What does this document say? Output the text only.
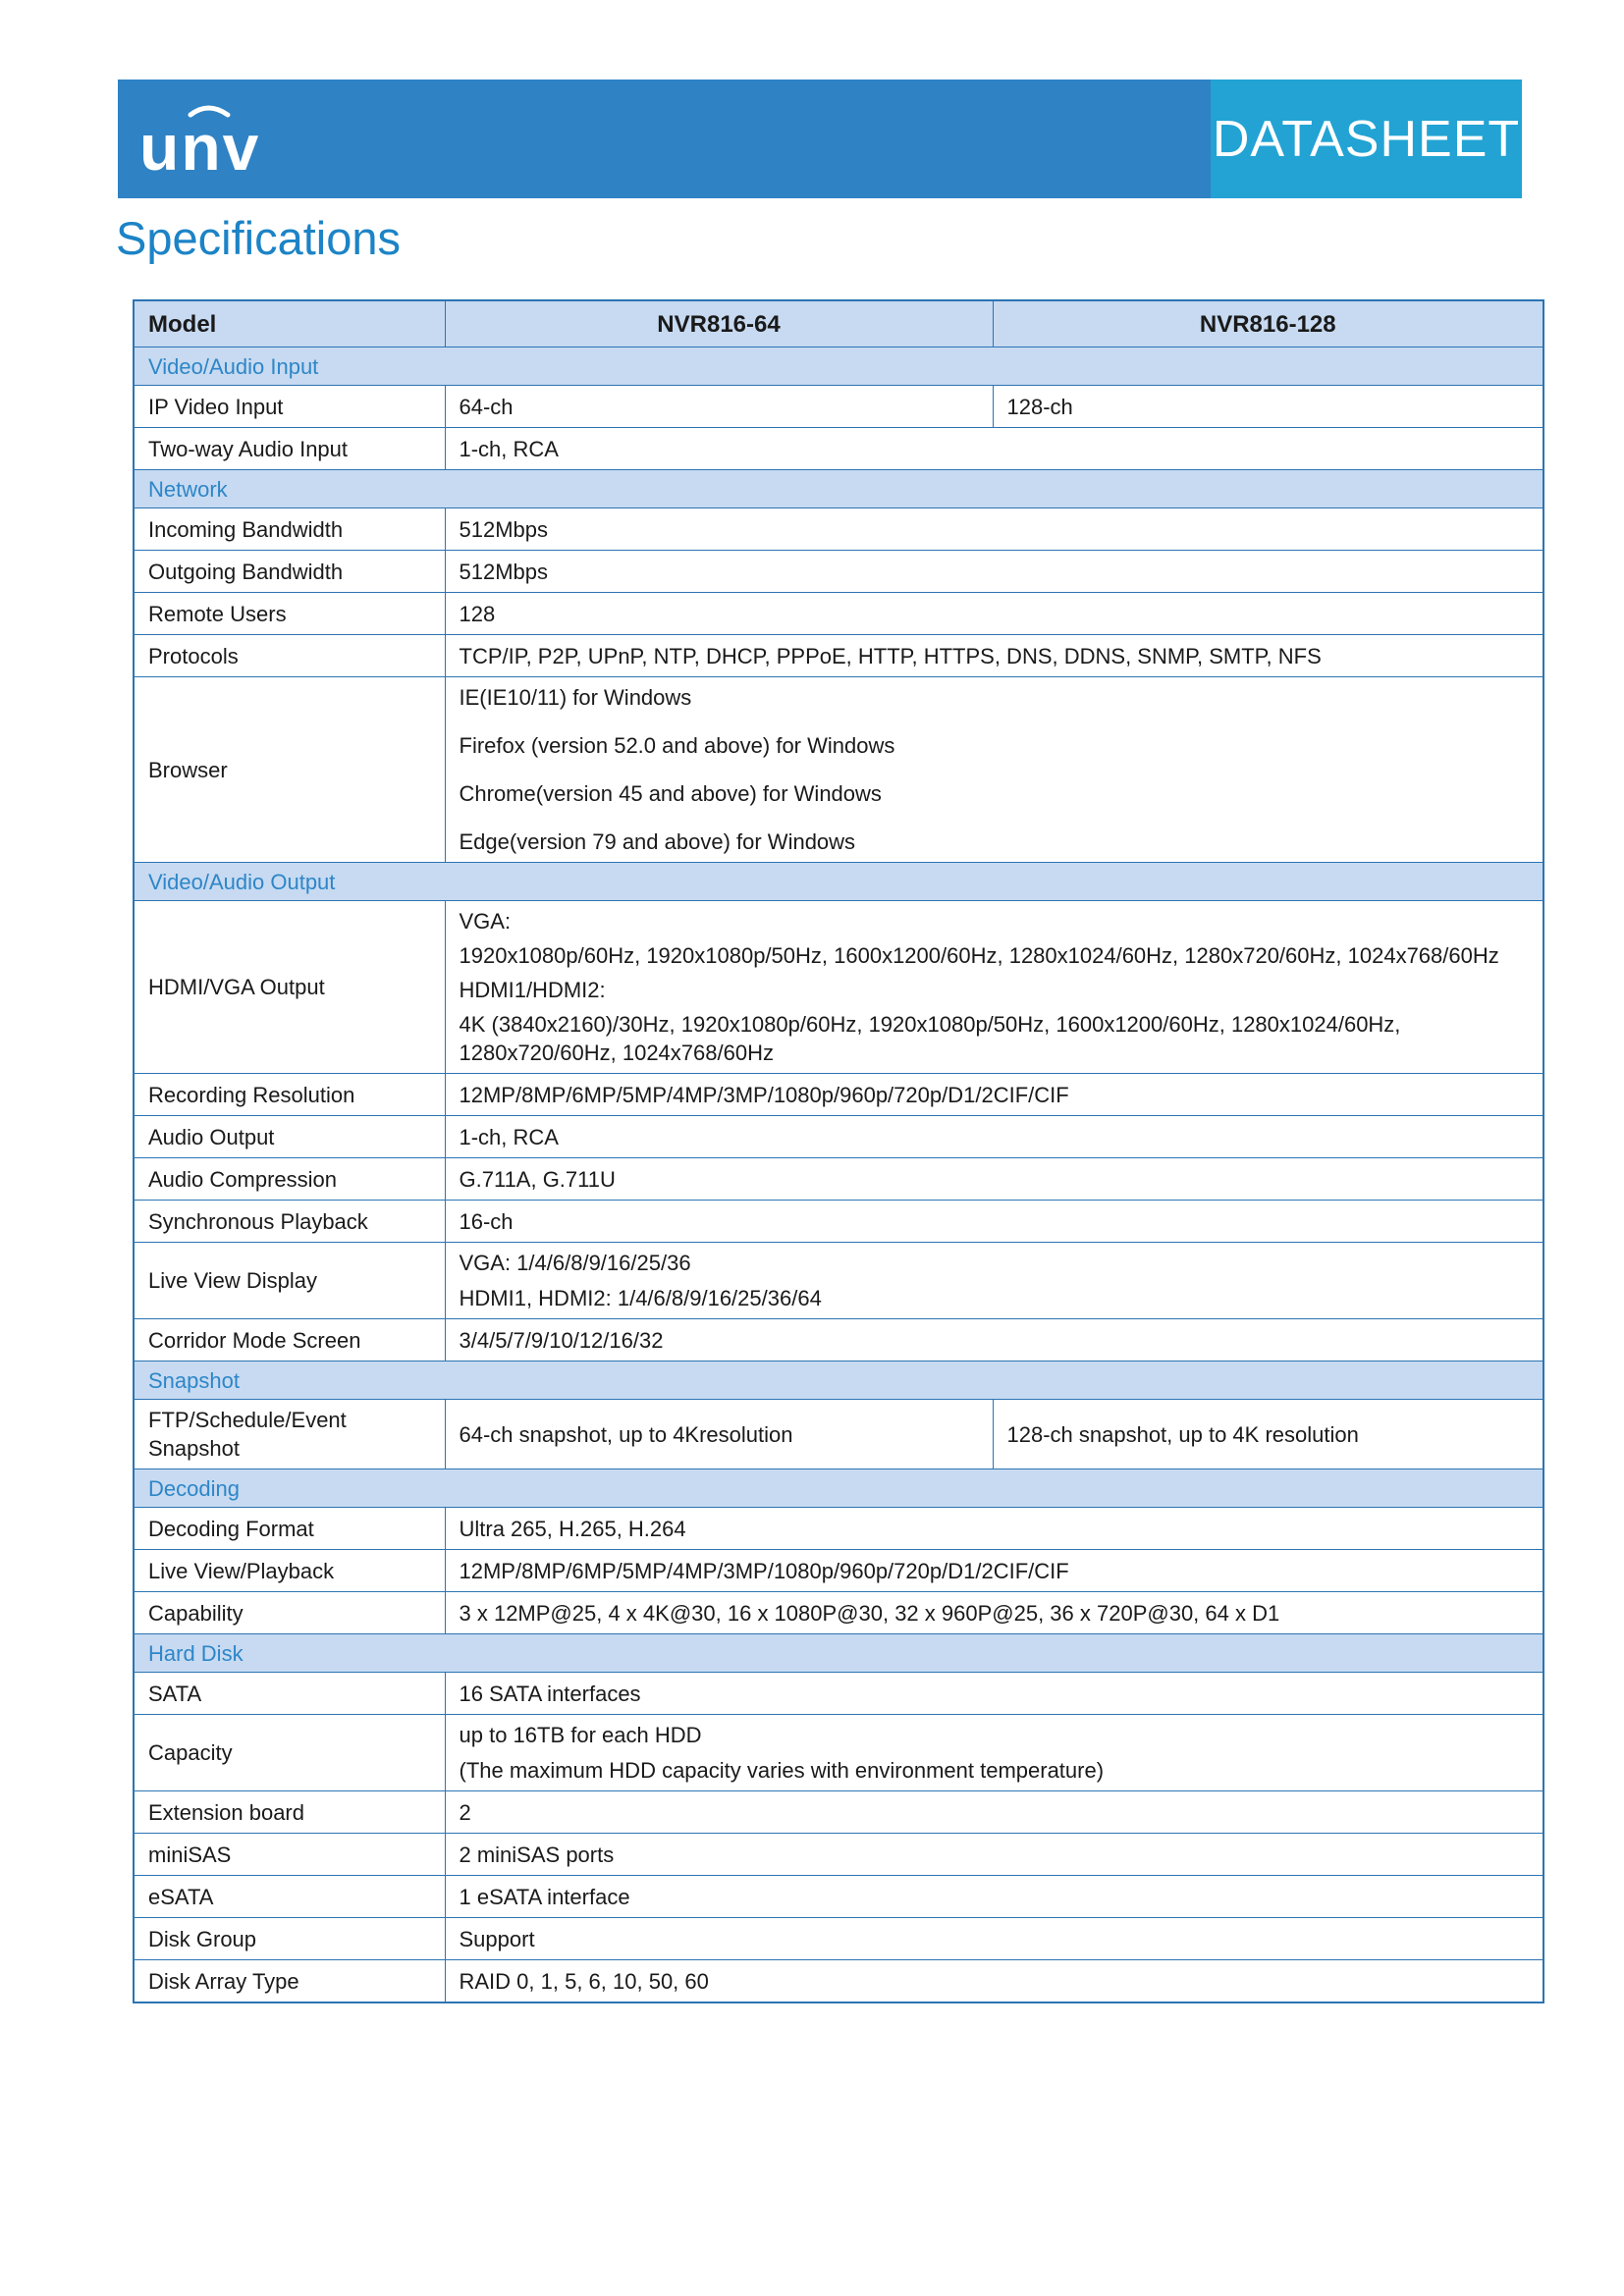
unv	DATASHEET
Specifications
Model	NVR816-64	NVR816-128
Video/Audio Input		
IP Video Input	64-ch	128-ch
Two-way Audio Input	1-ch, RCA	
Network		
Incoming Bandwidth	512Mbps	
Outgoing Bandwidth	512Mbps	
Remote Users	128	
Protocols	TCP/IP, P2P, UPnP, NTP, DHCP, PPPoE, HTTP, HTTPS, DNS, DDNS, SNMP, SMTP, NFS	
Browser	IE(IE10/11) for Windows
Firefox (version 52.0 and above) for Windows
Chrome(version 45 and above) for Windows
Edge(version 79 and above) for Windows	

Video/Audio Output		
HDMI/VGA Output	VGA:
1920x1080p/60Hz, 1920x1080p/50Hz, 1600x1200/60Hz, 1280x1024/60Hz, 1280x720/60Hz, 1024x768/60Hz
HDMI1/HDMI2:
4K (3840x2160)/30Hz, 1920x1080p/60Hz, 1920x1080p/50Hz, 1600x1200/60Hz, 1280x1024/60Hz, 1280x720/60Hz, 1024x768/60Hz	

Recording Resolution	12MP/8MP/6MP/5MP/4MP/3MP/1080p/960p/720p/D1/2CIF/CIF	
Audio Output	1-ch, RCA	
Audio Compression	G.711A, G.711U	
Synchronous Playback	16-ch	
Live View Display	VGA: 1/4/6/8/9/16/25/36
HDMI1, HDMI2: 1/4/6/8/9/16/25/36/64	

Corridor Mode Screen	3/4/5/7/9/10/12/16/32	
Snapshot		
FTP/Schedule/Event Snapshot	64-ch snapshot, up to 4Kresolution	128-ch snapshot, up to 4K resolution
Decoding		
Decoding Format	Ultra 265, H.265, H.264	
Live View/Playback	12MP/8MP/6MP/5MP/4MP/3MP/1080p/960p/720p/D1/2CIF/CIF	
Capability	3 x 12MP@25, 4 x 4K@30, 16 x 1080P@30, 32 x 960P@25, 36 x 720P@30, 64 x D1	
Hard Disk		
SATA	16 SATA interfaces	
Capacity	up to 16TB for each HDD
(The maximum HDD capacity varies with environment temperature)	

Extension board	2	
miniSAS	2 miniSAS ports	
eSATA	1 eSATA interface	
Disk Group	Support	
Disk Array Type	RAID 0, 1, 5, 6, 10, 50, 60	
